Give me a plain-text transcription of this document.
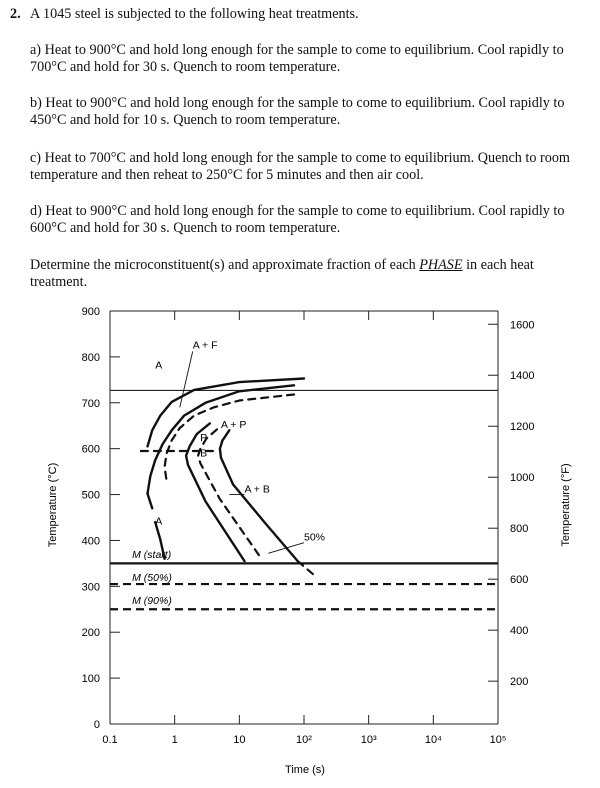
2. A 1045 steel is subjected to the following heat treatments.
a) Heat to 900°C and hold long enough for the sample to come to equilibrium. Cool rapidly to 700°C and hold for 30 s. Quench to room temperature.
b) Heat to 900°C and hold long enough for the sample to come to equilibrium. Cool rapidly to 450°C and hold for 10 s. Quench to room temperature.
c) Heat to 700°C and hold long enough for the sample to come to equilibrium. Quench to room temperature and then reheat to 250°C for 5 minutes and then air cool.
d) Heat to 900°C and hold long enough for the sample to come to equilibrium. Cool rapidly to 600°C and hold for 30 s. Quench to room temperature.
Determine the microconstituent(s) and approximate fraction of each PHASE in each heat treatment.
0
100
200
300
400
500
600
700
800
900
200
400
600
800
1000
1200
1400
1600
0.1	1	10	10²	10³	10⁴	10⁵
A
A + F
A + P
P
B
A + B
A
50%
M (start)
M (50%)
M (90%)
Time (s)
Temperature (°C)	Temperature (°F)
